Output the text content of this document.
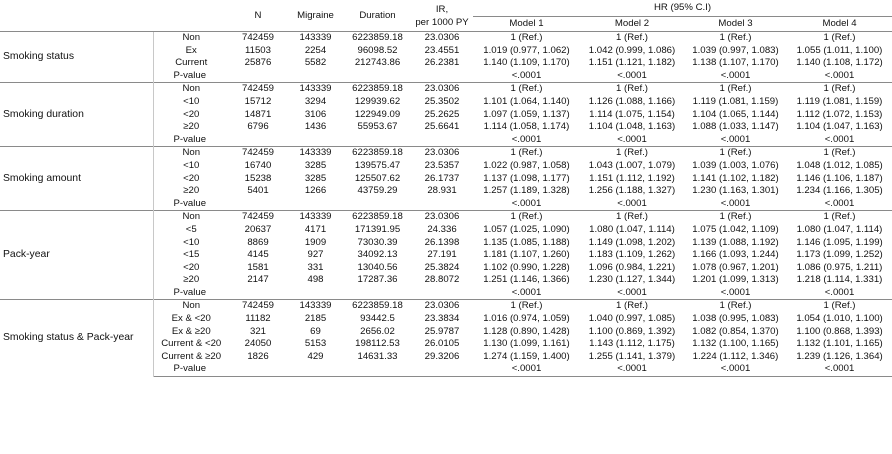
		N	Migraine	Duration	IR,
per 1000 PY	HR (95% C.I)			
						Model 1	Model 2	Model 3	Model 4
Smoking status	Non	742459	143339	6223859.18	23.0306	1 (Ref.)	1 (Ref.)	1 (Ref.)	1 (Ref.)
	Ex	11503	2254	96098.52	23.4551	1.019 (0.977, 1.062)	1.042 (0.999, 1.086)	1.039 (0.997, 1.083)	1.055 (1.011, 1.100)
	Current	25876	5582	212743.86	26.2381	1.140 (1.109, 1.170)	1.151 (1.121, 1.182)	1.138 (1.107, 1.170)	1.140 (1.108, 1.172)
	P-value					<.0001	<.0001	<.0001	<.0001
Smoking duration	Non	742459	143339	6223859.18	23.0306	1 (Ref.)	1 (Ref.)	1 (Ref.)	1 (Ref.)
	<10	15712	3294	129939.62	25.3502	1.101 (1.064, 1.140)	1.126 (1.088, 1.166)	1.119 (1.081, 1.159)	1.119 (1.081, 1.159)
	<20	14871	3106	122949.09	25.2625	1.097 (1.059, 1.137)	1.114 (1.075, 1.154)	1.104 (1.065, 1.144)	1.112 (1.072, 1.153)
	≥20	6796	1436	55953.67	25.6641	1.114 (1.058, 1.174)	1.104 (1.048, 1.163)	1.088 (1.033, 1.147)	1.104 (1.047, 1.163)
	P-value					<.0001	<.0001	<.0001	<.0001
Smoking amount	Non	742459	143339	6223859.18	23.0306	1 (Ref.)	1 (Ref.)	1 (Ref.)	1 (Ref.)
	<10	16740	3285	139575.47	23.5357	1.022 (0.987, 1.058)	1.043 (1.007, 1.079)	1.039 (1.003, 1.076)	1.048 (1.012, 1.085)
	<20	15238	3285	125507.62	26.1737	1.137 (1.098, 1.177)	1.151 (1.112, 1.192)	1.141 (1.102, 1.182)	1.146 (1.106, 1.187)
	≥20	5401	1266	43759.29	28.931	1.257 (1.189, 1.328)	1.256 (1.188, 1.327)	1.230 (1.163, 1.301)	1.234 (1.166, 1.305)
	P-value					<.0001	<.0001	<.0001	<.0001
Pack-year	Non	742459	143339	6223859.18	23.0306	1 (Ref.)	1 (Ref.)	1 (Ref.)	1 (Ref.)
	<5	20637	4171	171391.95	24.336	1.057 (1.025, 1.090)	1.080 (1.047, 1.114)	1.075 (1.042, 1.109)	1.080 (1.047, 1.114)
	<10	8869	1909	73030.39	26.1398	1.135 (1.085, 1.188)	1.149 (1.098, 1.202)	1.139 (1.088, 1.192)	1.146 (1.095, 1.199)
	<15	4145	927	34092.13	27.191	1.181 (1.107, 1.260)	1.183 (1.109, 1.262)	1.166 (1.093, 1.244)	1.173 (1.099, 1.252)
	<20	1581	331	13040.56	25.3824	1.102 (0.990, 1.228)	1.096 (0.984, 1.221)	1.078 (0.967, 1.201)	1.086 (0.975, 1.211)
	≥20	2147	498	17287.36	28.8072	1.251 (1.146, 1.366)	1.230 (1.127, 1.344)	1.201 (1.099, 1.313)	1.218 (1.114, 1.331)
	P-value					<.0001	<.0001	<.0001	<.0001
Smoking status & Pack-year	Non	742459	143339	6223859.18	23.0306	1 (Ref.)	1 (Ref.)	1 (Ref.)	1 (Ref.)
	Ex & <20	11182	2185	93442.5	23.3834	1.016 (0.974, 1.059)	1.040 (0.997, 1.085)	1.038 (0.995, 1.083)	1.054 (1.010, 1.100)
	Ex & ≥20	321	69	2656.02	25.9787	1.128 (0.890, 1.428)	1.100 (0.869, 1.392)	1.082 (0.854, 1.370)	1.100 (0.868, 1.393)
	Current & <20	24050	5153	198112.53	26.0105	1.130 (1.099, 1.161)	1.143 (1.112, 1.175)	1.132 (1.100, 1.165)	1.132 (1.101, 1.165)
	Current & ≥20	1826	429	14631.33	29.3206	1.274 (1.159, 1.400)	1.255 (1.141, 1.379)	1.224 (1.112, 1.346)	1.239 (1.126, 1.364)
	P-value					<.0001	<.0001	<.0001	<.0001
